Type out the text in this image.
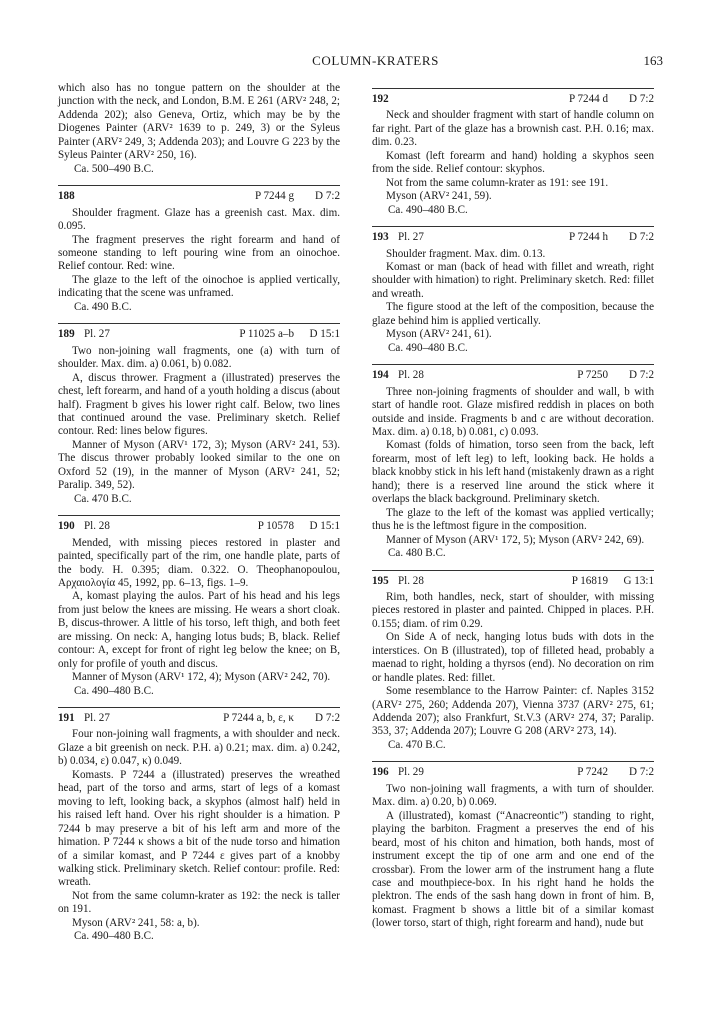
COLUMN-KRATERS	163

which also has no tongue pattern on the shoulder at the junction with the neck, and London, B.M. E 261 (ARV² 248, 2; Addenda 202); also Geneva, Ortiz, which may be by the Diogenes Painter (ARV² 1639 to p. 249, 3) or the Syleus Painter (ARV² 249, 3; Addenda 203); and Louvre G 223 by the Syleus Painter (ARV² 250, 16).

Ca. 500–490 B.C.

188	P 7244 g	D 7:2

Shoulder fragment. Glaze has a greenish cast. Max. dim. 0.095.

The fragment preserves the right forearm and hand of someone standing to left pouring wine from an oinochoe. Relief contour. Red: wine.

The glaze to the left of the oinochoe is applied vertically, indicating that the scene was unframed.

Ca. 490 B.C.

189 Pl. 27	P 11025 a–b D 15:1

Two non-joining wall fragments, one (a) with turn of shoulder. Max. dim. a) 0.061, b) 0.082.

A, discus thrower. Fragment a (illustrated) preserves the chest, left forearm, and hand of a youth holding a discus (about half). Fragment b gives his lower right calf. Below, two lines that continued around the vase. Preliminary sketch. Relief contour. Red: lines below figures.

Manner of Myson (ARV¹ 172, 3); Myson (ARV² 241, 53). The discus thrower probably looked similar to the one on Oxford 52 (19), in the manner of Myson (ARV² 241, 52; Paralip. 349, 52).

Ca. 470 B.C.

190 Pl. 28	P 10578 D 15:1

Mended, with missing pieces restored in plaster and painted, specifically part of the rim, one handle plate, parts of the body. H. 0.395; diam. 0.322. O. Theophanopoulou, Αρχαιολογία 45, 1992, pp. 6–13, figs. 1–9.

A, komast playing the aulos. Part of his head and his legs from just below the knees are missing. He wears a short cloak. B, discus-thrower. A little of his torso, left thigh, and both feet are missing. On neck: A, hanging lotus buds; B, black. Relief contour: A, except for front of right leg below the knee; on B, only for profile of youth and discus.

Manner of Myson (ARV¹ 172, 4); Myson (ARV² 242, 70).

Ca. 490–480 B.C.

191 Pl. 27	P 7244 a, b, ε, κ	D 7:2

Four non-joining wall fragments, a with shoulder and neck. Glaze a bit greenish on neck. P.H. a) 0.21; max. dim. a) 0.242, b) 0.034, ε) 0.047, κ) 0.049.

Komasts. P 7244 a (illustrated) preserves the wreathed head, part of the torso and arms, start of legs of a komast moving to left, looking back, a skyphos (almost half) held in his raised left hand. Over his right shoulder is a himation. P 7244 b may preserve a bit of his left arm and more of the himation. P 7244 κ shows a bit of the nude torso and himation of a similar komast, and P 7244 ε gives part of a knobby walking stick. Preliminary sketch. Relief contour: profile. Red: wreath.

Not from the same column-krater as 192: the neck is taller on 191.

Myson (ARV² 241, 58: a, b).

Ca. 490–480 B.C.

192	P 7244 d	D 7:2

Neck and shoulder fragment with start of handle column on far right. Part of the glaze has a brownish cast. P.H. 0.16; max. dim. 0.23.

Komast (left forearm and hand) holding a skyphos seen from the side. Relief contour: skyphos.

Not from the same column-krater as 191: see 191.

Myson (ARV² 241, 59).

Ca. 490–480 B.C.

193 Pl. 27	P 7244 h	D 7:2

Shoulder fragment. Max. dim. 0.13.

Komast or man (back of head with fillet and wreath, right shoulder with himation) to right. Preliminary sketch. Red: fillet and wreath.

The figure stood at the left of the composition, because the glaze behind him is applied vertically.

Myson (ARV² 241, 61).

Ca. 490–480 B.C.

194 Pl. 28	P 7250	D 7:2

Three non-joining fragments of shoulder and wall, b with start of handle root. Glaze misfired reddish in places on both outside and inside. Fragments b and c are without decoration. Max. dim. a) 0.18, b) 0.081, c) 0.093.

Komast (folds of himation, torso seen from the back, left forearm, most of left leg) to left, looking back. He holds a black knobby stick in his left hand (mistakenly drawn as a right hand); there is a reserved line around the stick where it overlaps the black background. Preliminary sketch.

The glaze to the left of the komast was applied vertically; thus he is the leftmost figure in the composition.

Manner of Myson (ARV¹ 172, 5); Myson (ARV² 242, 69).

Ca. 480 B.C.

195 Pl. 28	P 16819 G 13:1

Rim, both handles, neck, start of shoulder, with missing pieces restored in plaster and painted. Chipped in places. P.H. 0.155; diam. of rim 0.29.

On Side A of neck, hanging lotus buds with dots in the interstices. On B (illustrated), top of filleted head, probably a maenad to right, holding a thyrsos (end). No decoration on rim or handle plates. Red: fillet.

Some resemblance to the Harrow Painter: cf. Naples 3152 (ARV² 275, 260; Addenda 207), Vienna 3737 (ARV² 275, 61; Addenda 207); also Frankfurt, St.V.3 (ARV² 274, 37; Paralip. 353, 37; Addenda 207); Louvre G 208 (ARV² 273, 14).

Ca. 470 B.C.

196 Pl. 29	P 7242	D 7:2

Two non-joining wall fragments, a with turn of shoulder. Max. dim. a) 0.20, b) 0.069.

A (illustrated), komast (“Anacreontic”) standing to right, playing the barbiton. Fragment a preserves the end of his beard, most of his chiton and himation, both hands, most of instrument except the tip of one arm and one end of the crossbar). From the lower arm of the instrument hang a flute case and mouthpiece-box. In his right hand he holds the plektron. The ends of the sash hang down in front of him. B, komast. Fragment b shows a little bit of a similar komast (lower torso, start of thigh, right forearm and hand), nude but
